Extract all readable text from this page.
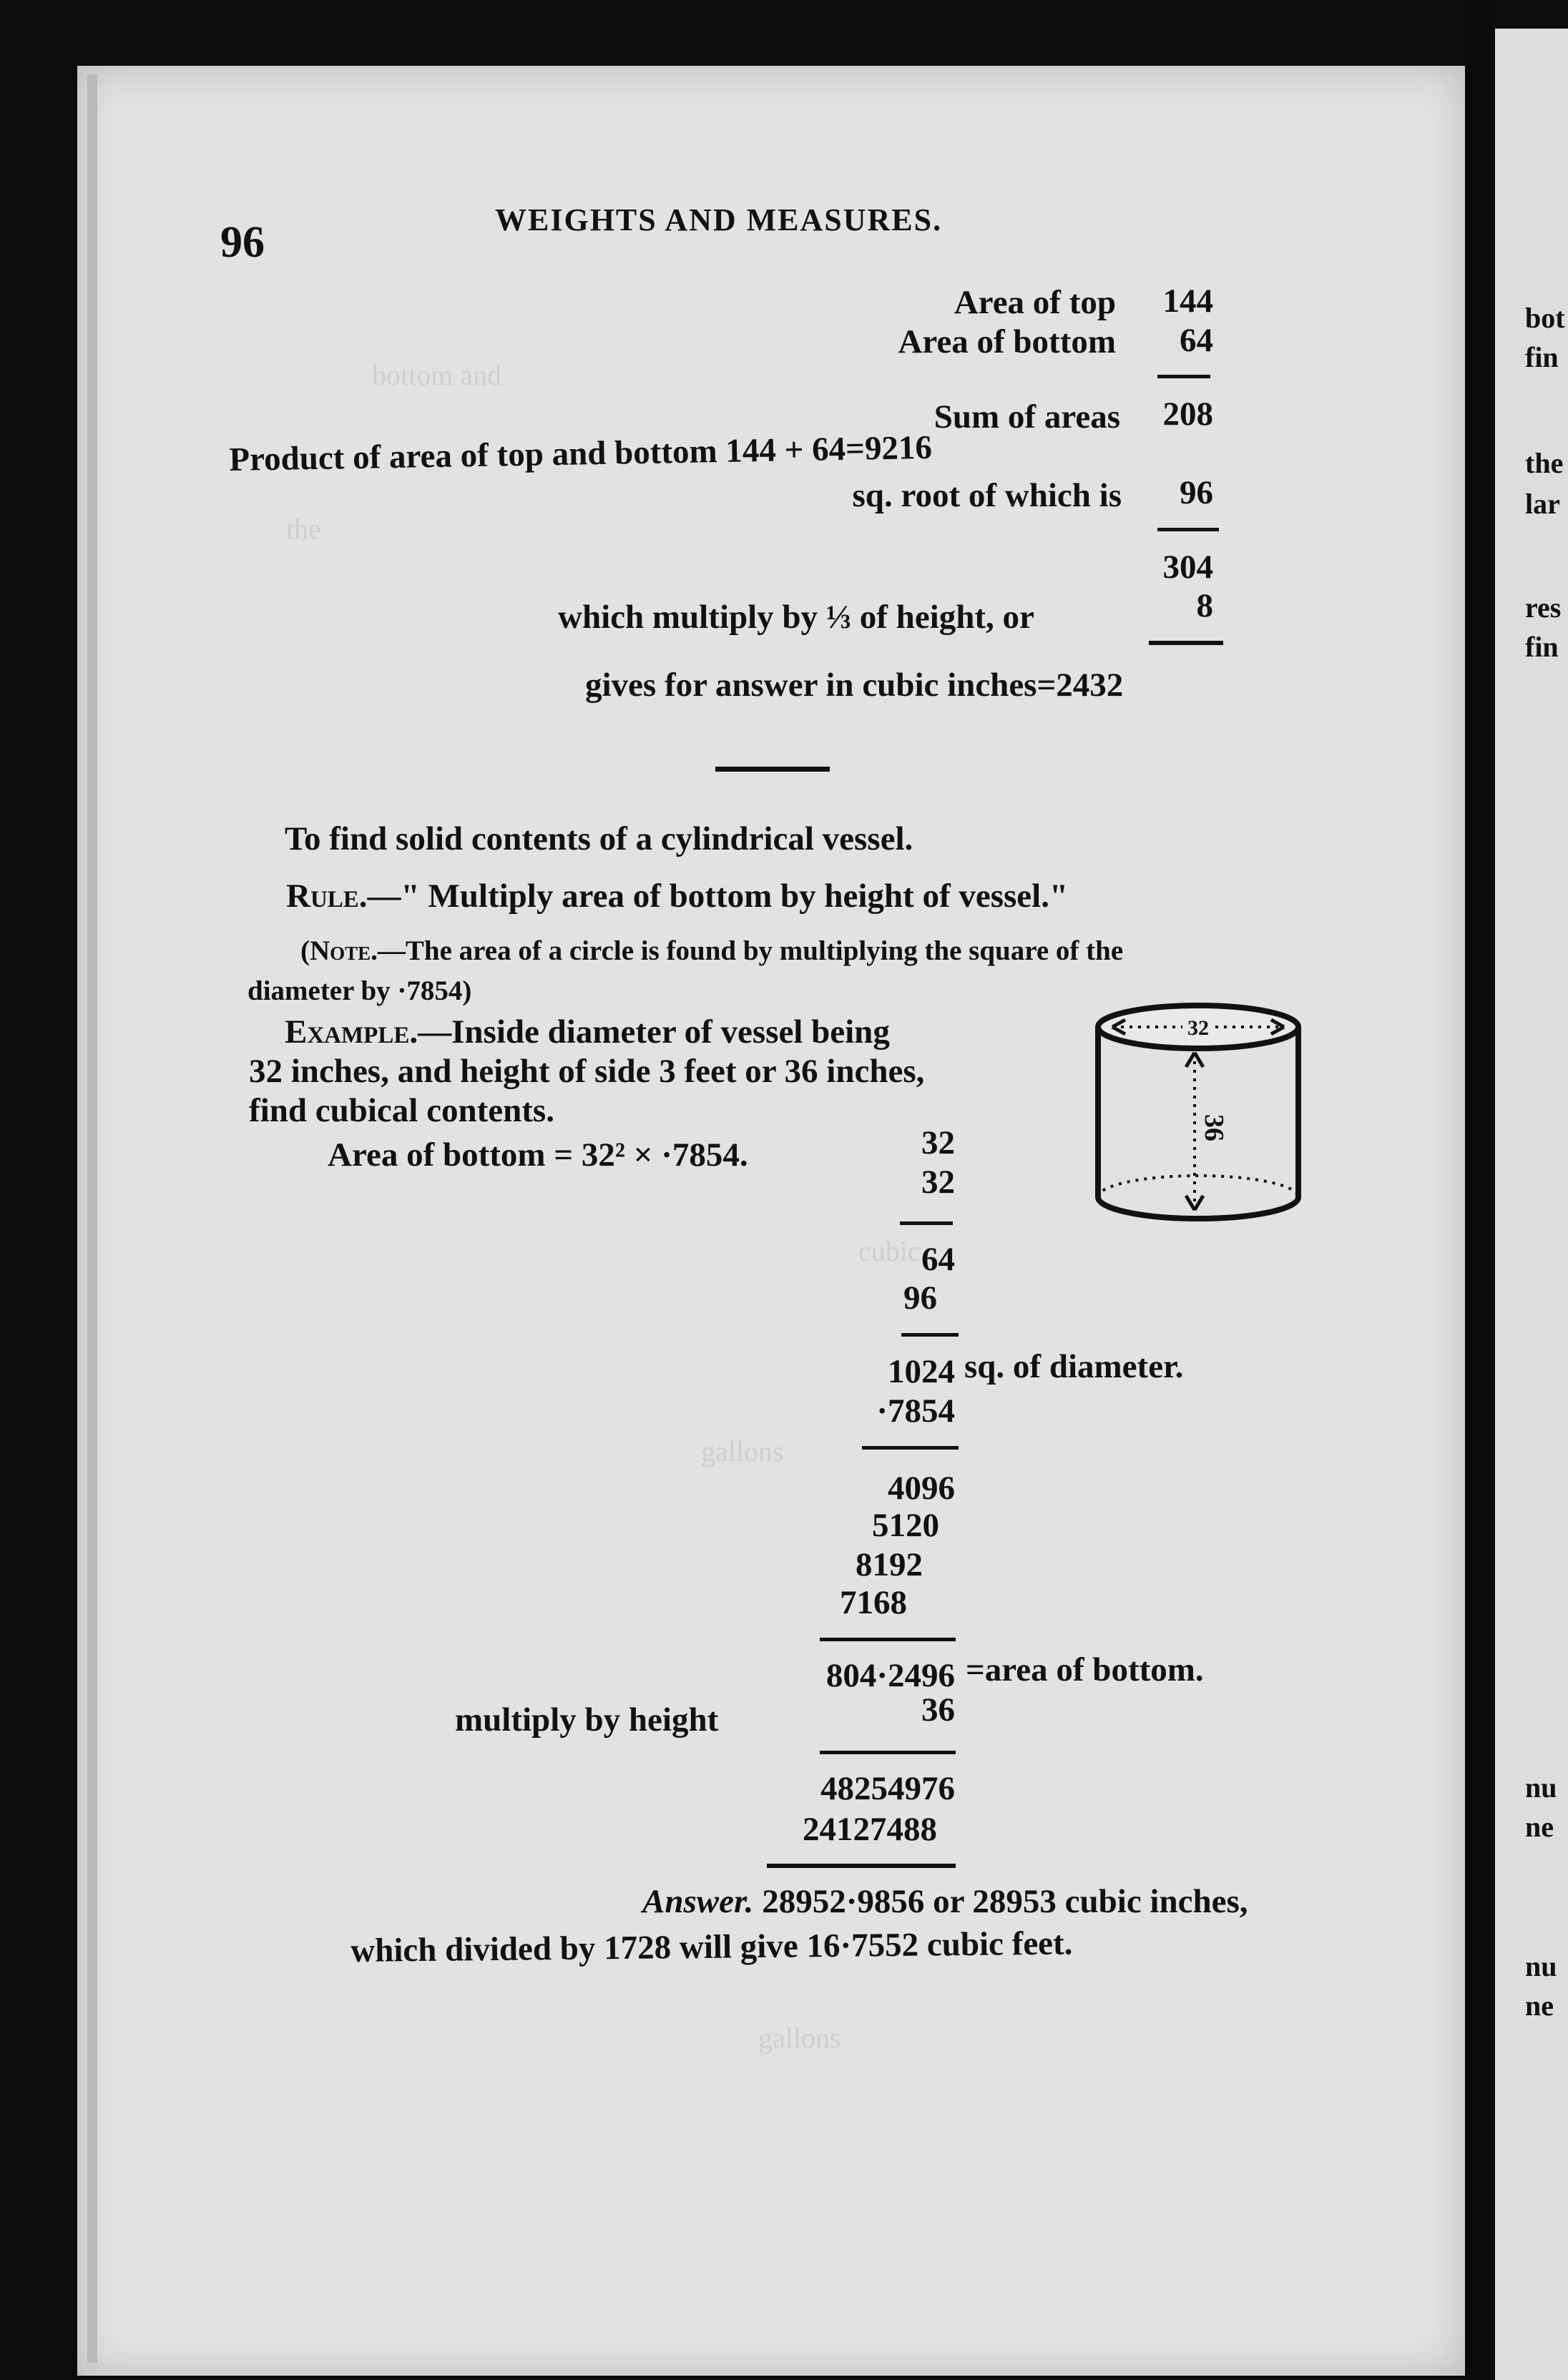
bottom and
the
cubic
gallons
gallons
96	WEIGHTS AND MEASURES.
Area of top	144
Area of bottom	64
Sum of areas	208
Product of area of top and bottom 144 + 64=9216
sq. root of which is	96
304
which multiply by ⅓ of height, or	8
gives for answer in cubic inches=2432
To find solid contents of a cylindrical vessel.
Rule.—" Multiply area of bottom by height of vessel."
(Note.—The area of a circle is found by multiplying the square of the
diameter by ·7854)
Example.—Inside diameter of vessel being
32 inches, and height of side 3 feet or 36 inches,
find cubical contents.
Area of bottom = 32² × ·7854.
32
36
32
32
64
96
1024 sq. of diameter.
·7854
4096
5120
8192
7168
804·2496 =area of bottom.
multiply by height	36
48254976
24127488
Answer. 28952·9856 or 28953 cubic inches,
which divided by 1728 will give 16·7552 cubic feet.
bot
fin
the
lar
res
fin
nu
ne
nu
ne
